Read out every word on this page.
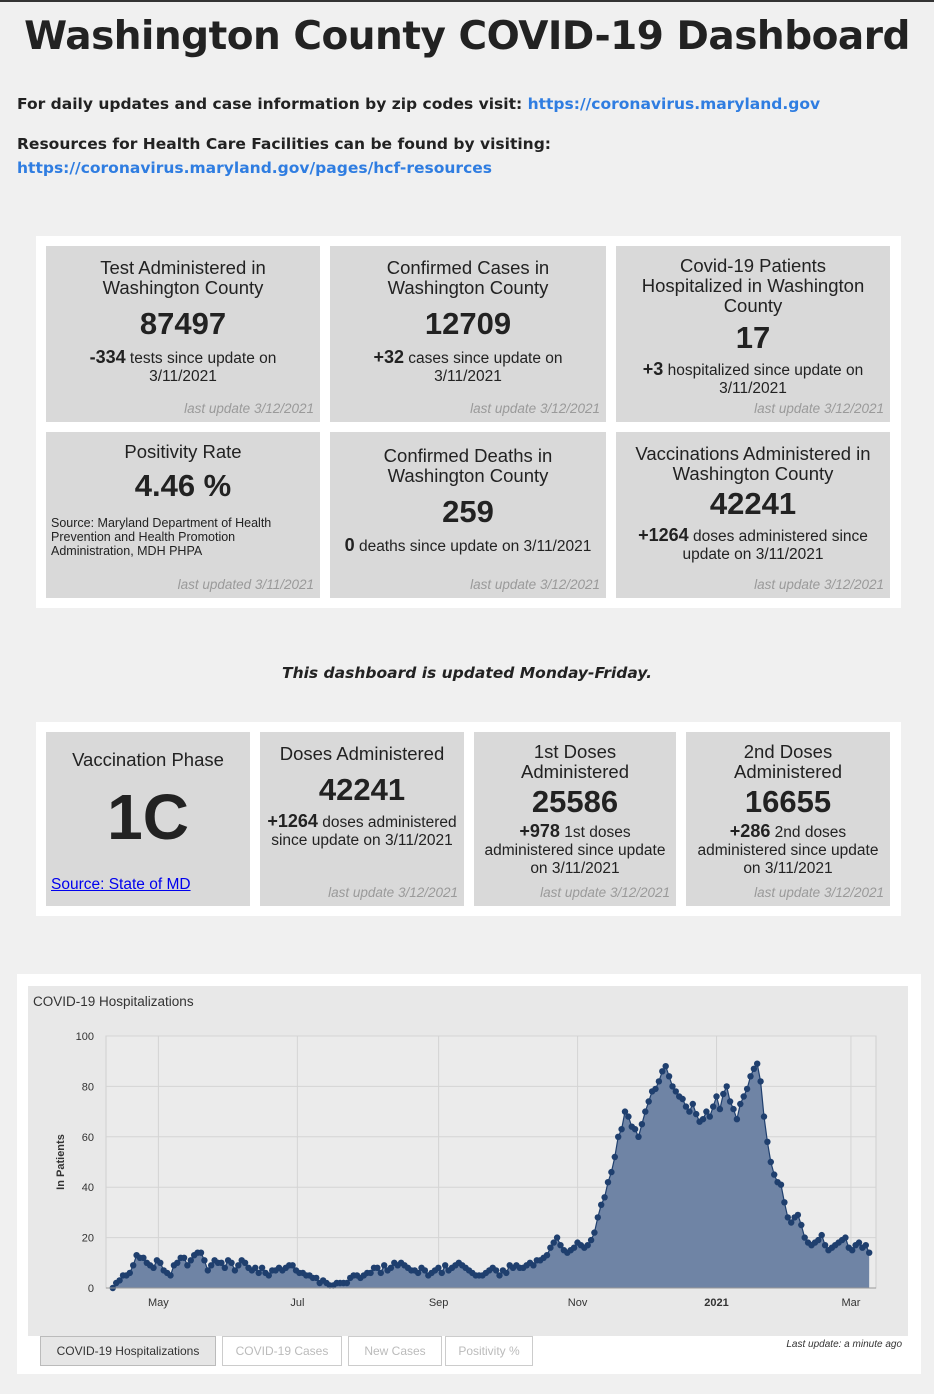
Washington County COVID-19 Dashboard
For daily updates and case information by zip codes visit: https://coronavirus.maryland.gov
Resources for Health Care Facilities can be found by visiting: https://coronavirus.maryland.gov/pages/hcf-resources
Test Administered in Washington County
87497
-334 tests since update on 3/11/2021
last update 3/12/2021
Confirmed Cases in Washington County
12709
+32 cases since update on 3/11/2021
last update 3/12/2021
Covid-19 Patients Hospitalized in Washington County
17
+3 hospitalized since update on 3/11/2021
last update 3/12/2021
Positivity Rate
4.46 %
Source: Maryland Department of Health Prevention and Health Promotion Administration, MDH PHPA
last updated 3/11/2021
Confirmed Deaths in Washington County
259
0 deaths since update on 3/11/2021
last update 3/12/2021
Vaccinations Administered in Washington County
42241
+1264 doses administered since update on 3/11/2021
last update 3/12/2021
This dashboard is updated Monday-Friday.
Vaccination Phase
1C
Source: State of MD
Doses Administered
42241
+1264 doses administered since update on 3/11/2021
last update 3/12/2021
1st Doses Administered
25586
+978 1st doses administered since update on 3/11/2021
last update 3/12/2021
2nd Doses Administered
16655
+286 2nd doses administered since update on 3/11/2021
last update 3/12/2021
COVID-19 Hospitalizations
0
20
40
60
80
100
May	Jul	Sep	Nov	2021	Mar
In Patients
Last update: a minute ago
COVID-19 Hospitalizations	COVID-19 Cases	New Cases	Positivity %
